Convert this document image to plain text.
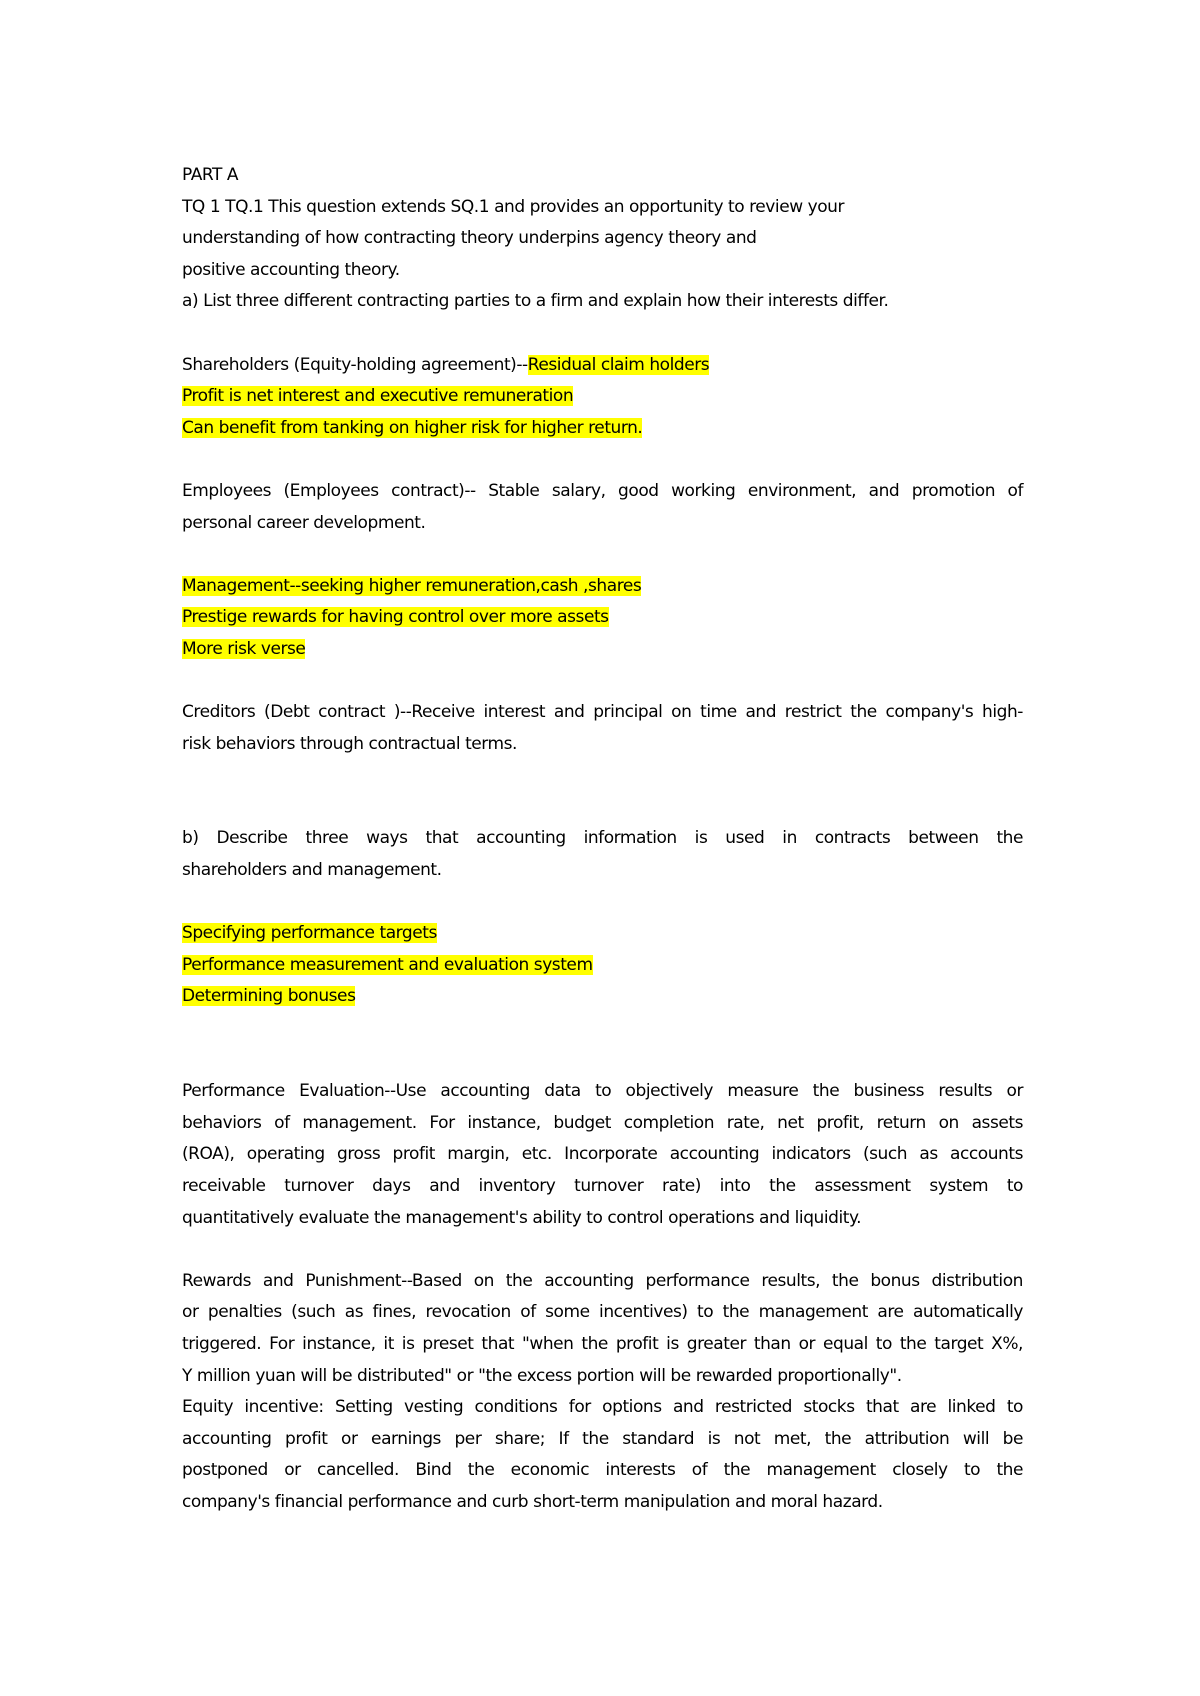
PART A
TQ 1 TQ.1 This question extends SQ.1 and provides an opportunity to review your
understanding of how contracting theory underpins agency theory and
positive accounting theory.
a) List three different contracting parties to a firm and explain how their interests differ.
Shareholders (Equity-holding agreement)--Residual claim holders
Profit is net interest and executive remuneration
Can benefit from tanking on higher risk for higher return.
Employees (Employees contract)-- Stable salary, good working environment, and promotion of
personal career development.
Management--seeking higher remuneration,cash ,shares
Prestige rewards for having control over more assets
More risk verse
Creditors (Debt contract )--Receive interest and principal on time and restrict the company's high-
risk behaviors through contractual terms.
b) Describe three ways that accounting information is used in contracts between the
shareholders and management.
Specifying performance targets
Performance measurement and evaluation system
Determining bonuses
Performance Evaluation--Use accounting data to objectively measure the business results or
behaviors of management. For instance, budget completion rate, net profit, return on assets
(ROA), operating gross profit margin, etc. Incorporate accounting indicators (such as accounts
receivable turnover days and inventory turnover rate) into the assessment system to
quantitatively evaluate the management's ability to control operations and liquidity.
Rewards and Punishment--Based on the accounting performance results, the bonus distribution
or penalties (such as fines, revocation of some incentives) to the management are automatically
triggered. For instance, it is preset that "when the profit is greater than or equal to the target X%,
Y million yuan will be distributed" or "the excess portion will be rewarded proportionally".
Equity incentive: Setting vesting conditions for options and restricted stocks that are linked to
accounting profit or earnings per share; If the standard is not met, the attribution will be
postponed or cancelled. Bind the economic interests of the management closely to the
company's financial performance and curb short-term manipulation and moral hazard.
